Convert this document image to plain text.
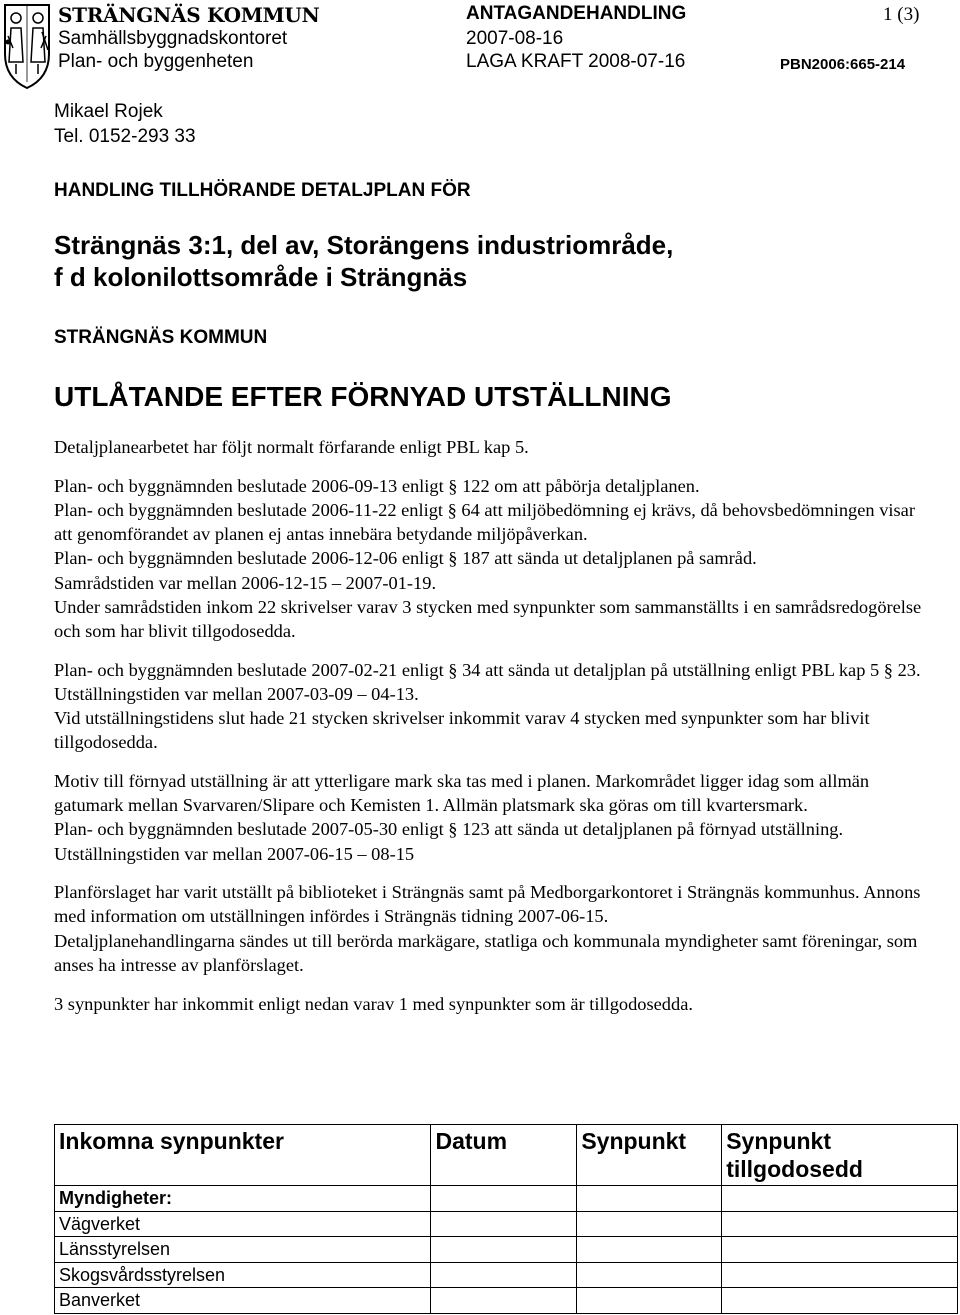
STRÄNGNÄS KOMMUN
Samhällsbyggnadskontoret
Plan- och byggenheten
ANTAGANDEHANDLING
2007-08-16
LAGA KRAFT 2008-07-16
1 (3)
PBN2006:665-214
Mikael Rojek
Tel. 0152-293 33
HANDLING TILLHÖRANDE DETALJPLAN FÖR
Strängnäs 3:1, del av, Storängens industriområde,
f d kolonilottsområde i Strängnäs
STRÄNGNÄS KOMMUN
UTLÅTANDE EFTER FÖRNYAD UTSTÄLLNING

Detaljplanearbetet har följt normalt förfarande enligt PBL kap 5.

Plan- och byggnämnden beslutade 2006-09-13 enligt § 122 om att påbörja detaljplanen.

Plan- och byggnämnden beslutade 2006-11-22 enligt § 64 att miljöbedömning ej krävs, då behovsbedömningen visar att genomförandet av planen ej antas innebära betydande miljöpåverkan.

Plan- och byggnämnden beslutade 2006-12-06 enligt § 187 att sända ut detaljplanen på samråd.

Samrådstiden var mellan 2006-12-15 – 2007-01-19.

Under samrådstiden inkom 22 skrivelser varav 3 stycken med synpunkter som sammanställts i en samrådsredogörelse och som har blivit tillgodosedda.

Plan- och byggnämnden beslutade 2007-02-21 enligt § 34 att sända ut detaljplan på utställning enligt PBL kap 5 § 23. Utställningstiden var mellan 2007-03-09 – 04-13.

Vid utställningstidens slut hade 21 stycken skrivelser inkommit varav 4 stycken med synpunkter som har blivit tillgodosedda.

Motiv till förnyad utställning är att ytterligare mark ska tas med i planen. Markområdet ligger idag som allmän gatumark mellan Svarvaren/Slipare och Kemisten 1. Allmän platsmark ska göras om till kvartersmark.

Plan- och byggnämnden beslutade 2007-05-30 enligt § 123 att sända ut detaljplanen på förnyad utställning. Utställningstiden var mellan 2007-06-15 – 08-15

Planförslaget har varit utställt på biblioteket i Strängnäs samt på Medborgarkontoret i Strängnäs kommunhus. Annons med information om utställningen infördes i Strängnäs tidning 2007-06-15.

Detaljplanehandlingarna sändes ut till berörda markägare, statliga och kommunala myndigheter samt föreningar, som anses ha intresse av planförslaget.

3 synpunkter har inkommit enligt nedan varav 1 med synpunkter som är tillgodosedda.

Inkomna synpunkter	Datum	Synpunkt	Synpunkt tillgodosedd
Myndigheter:			
Vägverket			
Länsstyrelsen			
Skogsvårdsstyrelsen			
Banverket			
